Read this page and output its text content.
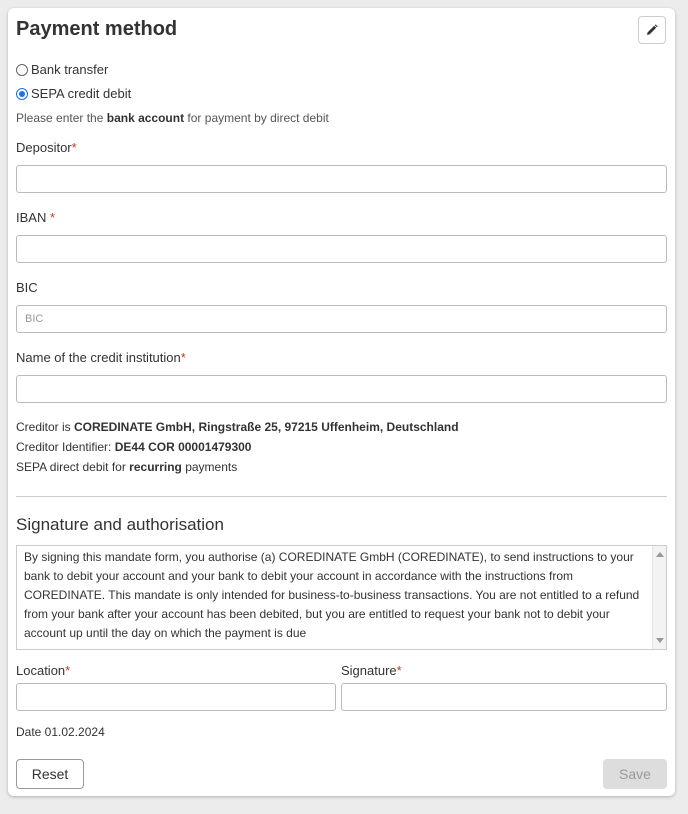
Payment method
Bank transfer
SEPA credit debit
Please enter the bank account for payment by direct debit
Depositor*
IBAN *
BIC
BIC
Name of the credit institution*
Creditor is COREDINATE GmbH, Ringstraße 25, 97215 Uffenheim, Deutschland
Creditor Identifier: DE44 COR 00001479300
SEPA direct debit for recurring payments
Signature and authorisation
By signing this mandate form, you authorise (a) COREDINATE GmbH (COREDINATE), to send instructions to your bank to debit your account and your bank to debit your account in accordance with the instructions from COREDINATE. This mandate is only intended for business-to-business transactions. You are not entitled to a refund from your bank after your account has been debited, but you are entitled to request your bank not to debit your account up until the day on which the payment is due
Location*	Signature*
Date 01.02.2024
Reset	Save
